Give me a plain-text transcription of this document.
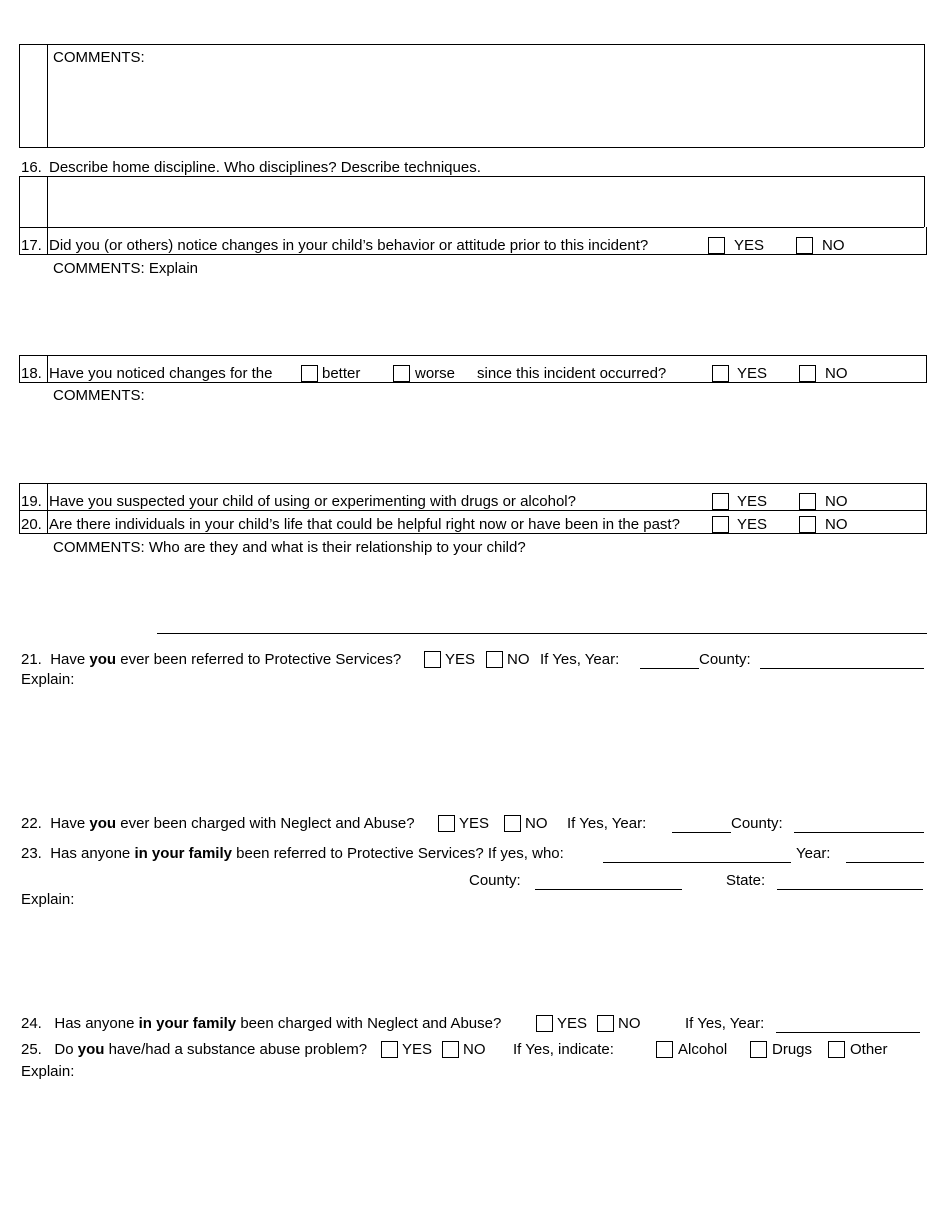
COMMENTS:
16. Describe home discipline. Who disciplines? Describe techniques.
17. Did you (or others) notice changes in your child’s behavior or attitude prior to this incident?	YES	NO
COMMENTS: Explain
18. Have you noticed changes for the	better	worse since this incident occurred?	YES	NO
COMMENTS:
19. Have you suspected your child of using or experimenting with drugs or alcohol?	YES	NO
20. Are there individuals in your child’s life that could be helpful right now or have been in the past?	YES	NO
COMMENTS: Who are they and what is their relationship to your child?
21. Have you ever been referred to Protective Services?	YES NO If Yes, Year:	County:
Explain:
22. Have you ever been charged with Neglect and Abuse?	YES NO If Yes, Year:	County:
23. Has anyone in your family been referred to Protective Services? If yes, who:	Year:
County:	State:
Explain:
24. Has anyone in your family been charged with Neglect and Abuse?	YES NO	If Yes, Year:
25. Do you have/had a substance abuse problem? YES NO If Yes, indicate:	Alcohol	Drugs	Other
Explain:
